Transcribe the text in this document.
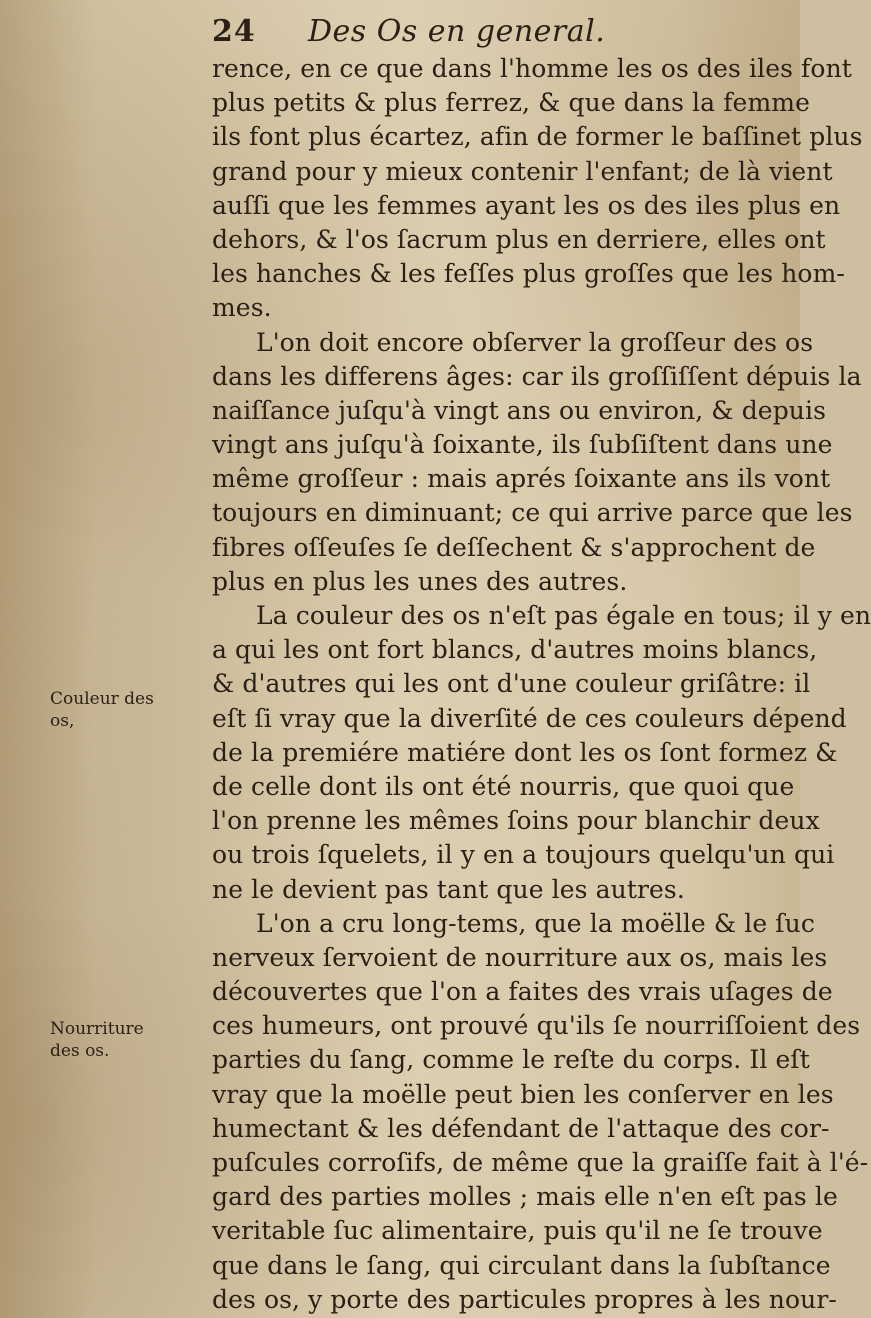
24 Des Os en general.
Couleur des
os,
Nourriture
des os.
rence, en ce que dans l'homme les os des iles font
plus petits & plus ferrez, & que dans la femme
ils font plus écartez, afin de former le baſſinet plus
grand pour y mieux contenir l'enfant; de là vient
auſſi que les femmes ayant les os des iles plus en
dehors, & l'os ſacrum plus en derriere, elles ont
les hanches & les feſſes plus groſſes que les hom-
mes.
L'on doit encore obſerver la groſſeur des os
dans les differens âges: car ils groſſiſſent dépuis la
naiſſance juſqu'à vingt ans ou environ, & depuis
vingt ans juſqu'à ſoixante, ils ſubſiſtent dans une
même groſſeur : mais aprés ſoixante ans ils vont
toujours en diminuant; ce qui arrive parce que les
fibres oſſeuſes ſe deſſechent & s'approchent de
plus en plus les unes des autres.
La couleur des os n'eſt pas égale en tous; il y en
a qui les ont fort blancs, d'autres moins blancs,
& d'autres qui les ont d'une couleur griſâtre: il
eſt ſi vray que la diverſité de ces couleurs dépend
de la premiére matiére dont les os ſont formez &
de celle dont ils ont été nourris, que quoi que
l'on prenne les mêmes ſoins pour blanchir deux
ou trois ſquelets, il y en a toujours quelqu'un qui
ne le devient pas tant que les autres.
L'on a cru long-tems, que la moëlle & le ſuc
nerveux ſervoient de nourriture aux os, mais les
découvertes que l'on a faites des vrais uſages de
ces humeurs, ont prouvé qu'ils ſe nourriſſoient des
parties du ſang, comme le reſte du corps. Il eſt
vray que la moëlle peut bien les conſerver en les
humectant & les défendant de l'attaque des cor-
puſcules corroſifs, de même que la graiſſe fait à l'é-
gard des parties molles ; mais elle n'en eſt pas le
veritable ſuc alimentaire, puis qu'il ne ſe trouve
que dans le ſang, qui circulant dans la ſubſtance
des os, y porte des particules propres à les nour-
